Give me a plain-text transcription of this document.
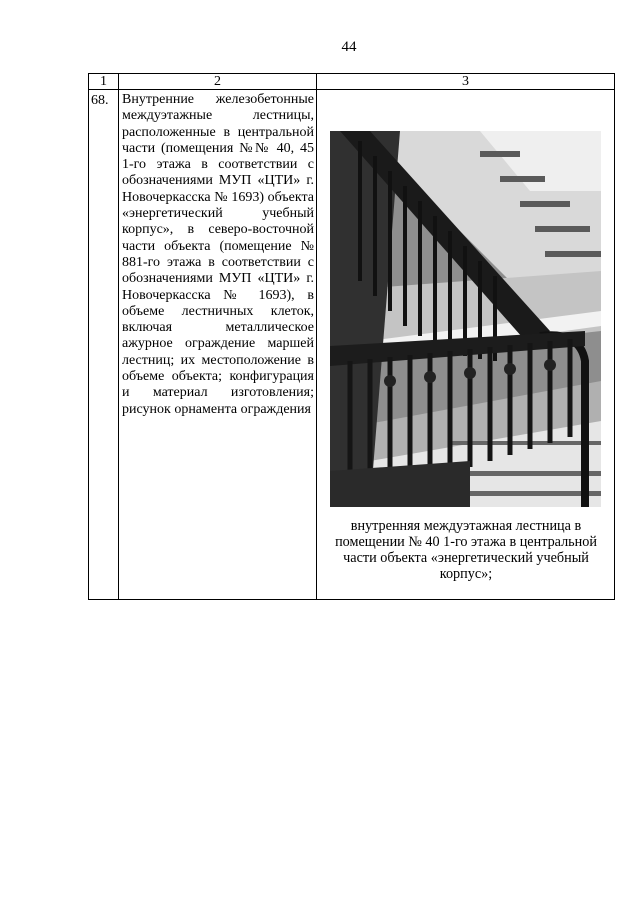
44
1	2	3
68.	Внутренние железобетонные междуэтажные лестницы, расположенные в центральной части (помещения №№ 40, 45 1-го этажа в соответствии с обозначениями МУП «ЦТИ» г. Новочеркасска № 1693) объекта «энергетический учебный корпус», в северо-восточной части объекта (помещение № 881-го этажа в соответствии с обозначениями МУП «ЦТИ» г. Новочеркасска № 1693), в объеме лестничных клеток, включая металлическое ажурное ограждение маршей лестниц; их местоположение в объеме объекта; конфигурация и материал изготовления; рисунок орнамента ограждения	внутренняя междуэтажная лестница в помещении № 40 1-го этажа в центральной части объекта «энергетический учебный корпус»;
